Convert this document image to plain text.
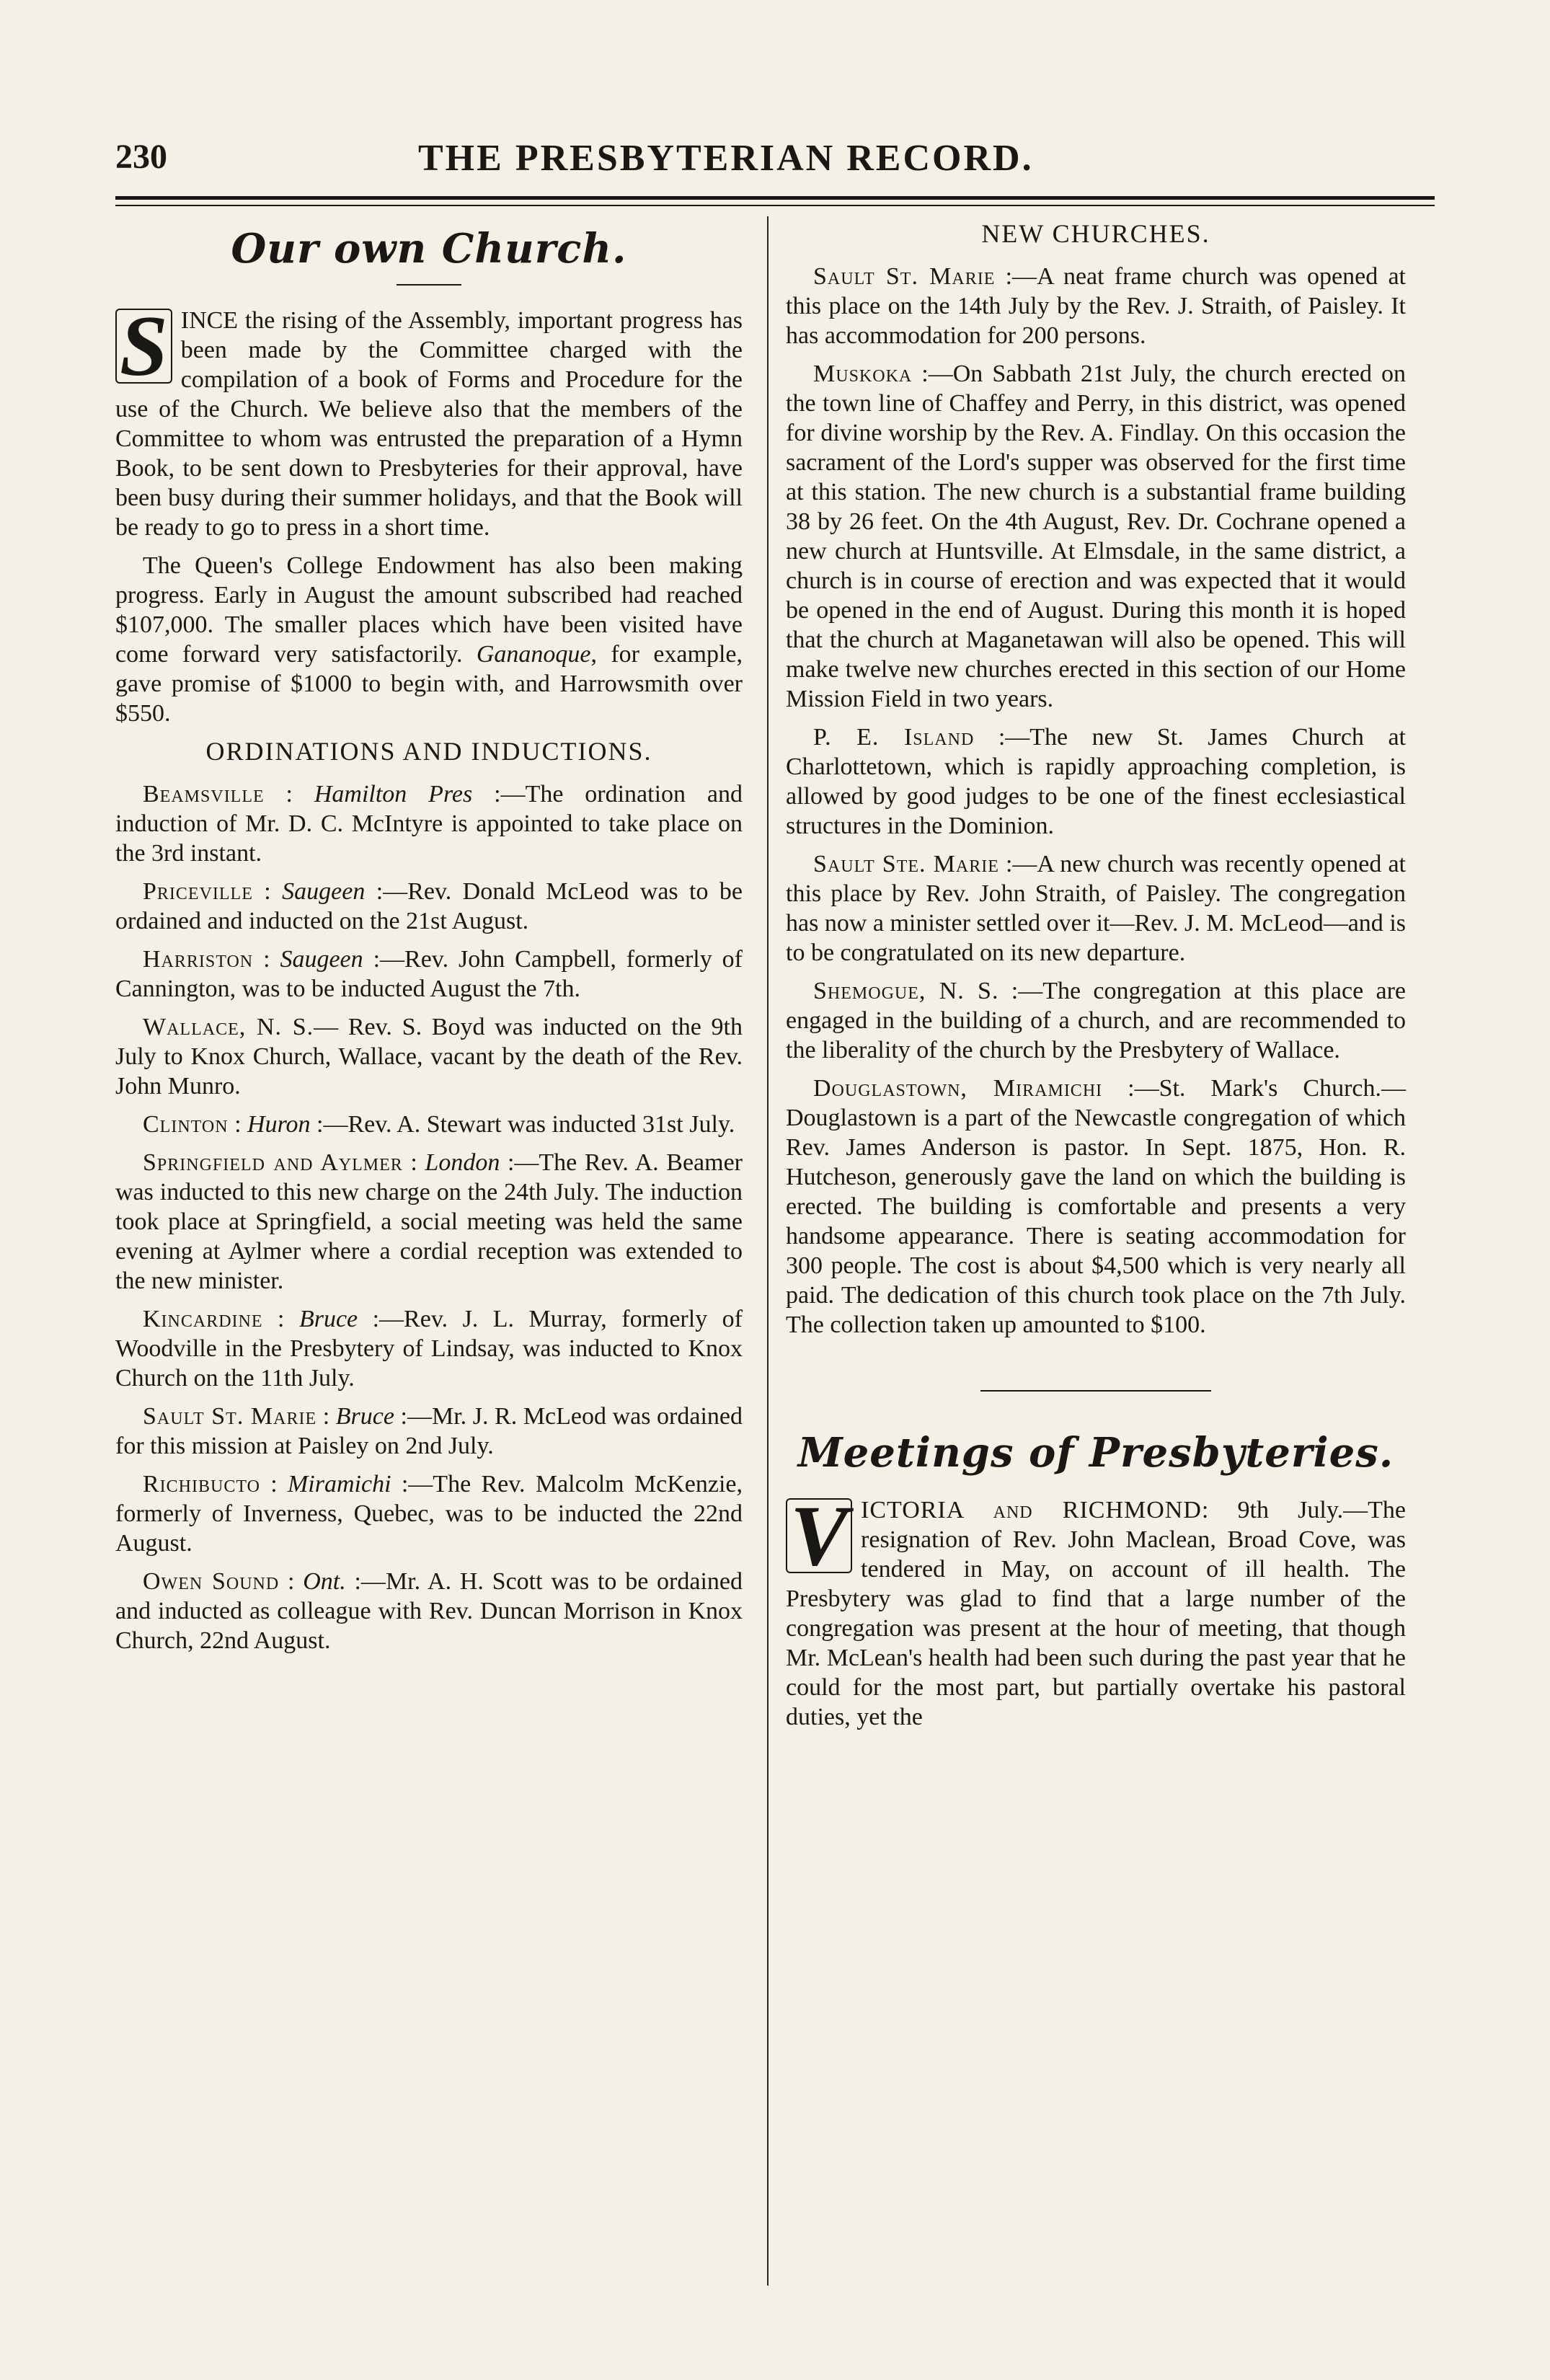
230	THE PRESBYTERIAN RECORD.
Our own Church.

S INCE the rising of the Assembly, important progress has been made by the Committee charged with the compilation of a book of Forms and Procedure for the use of the Church. We believe also that the members of the Committee to whom was entrusted the preparation of a Hymn Book, to be sent down to Presbyteries for their approval, have been busy during their summer holidays, and that the Book will be ready to go to press in a short time.

The Queen's College Endowment has also been making progress. Early in August the amount subscribed had reached $107,000. The smaller places which have been visited have come forward very satisfactorily. Gananoque, for example, gave promise of $1000 to begin with, and Harrowsmith over $550.

ORDINATIONS AND INDUCTIONS.

Beamsville : Hamilton Pres :—The ordination and induction of Mr. D. C. McIntyre is appointed to take place on the 3rd instant.

Priceville : Saugeen :—Rev. Donald McLeod was to be ordained and inducted on the 21st August.

Harriston : Saugeen :—Rev. John Campbell, formerly of Cannington, was to be inducted August the 7th.

Wallace, N. S.— Rev. S. Boyd was inducted on the 9th July to Knox Church, Wallace, vacant by the death of the Rev. John Munro.

Clinton : Huron :—Rev. A. Stewart was inducted 31st July.

Springfield and Aylmer : London :—The Rev. A. Beamer was inducted to this new charge on the 24th July. The induction took place at Springfield, a social meeting was held the same evening at Aylmer where a cordial reception was extended to the new minister.

Kincardine : Bruce :—Rev. J. L. Murray, formerly of Woodville in the Presbytery of Lindsay, was inducted to Knox Church on the 11th July.

Sault St. Marie : Bruce :—Mr. J. R. McLeod was ordained for this mission at Paisley on 2nd July.

Richibucto : Miramichi :—The Rev. Malcolm McKenzie, formerly of Inverness, Quebec, was to be inducted the 22nd August.

Owen Sound : Ont. :—Mr. A. H. Scott was to be ordained and inducted as colleague with Rev. Duncan Morrison in Knox Church, 22nd August.

NEW CHURCHES.

Sault St. Marie :—A neat frame church was opened at this place on the 14th July by the Rev. J. Straith, of Paisley. It has accommodation for 200 persons.

Muskoka :—On Sabbath 21st July, the church erected on the town line of Chaffey and Perry, in this district, was opened for divine worship by the Rev. A. Findlay. On this occasion the sacrament of the Lord's supper was observed for the first time at this station. The new church is a substantial frame building 38 by 26 feet. On the 4th August, Rev. Dr. Cochrane opened a new church at Huntsville. At Elmsdale, in the same district, a church is in course of erection and was expected that it would be opened in the end of August. During this month it is hoped that the church at Maganetawan will also be opened. This will make twelve new churches erected in this section of our Home Mission Field in two years.

P. E. Island :—The new St. James Church at Charlottetown, which is rapidly approaching completion, is allowed by good judges to be one of the finest ecclesiastical structures in the Dominion.

Sault Ste. Marie :—A new church was recently opened at this place by Rev. John Straith, of Paisley. The congregation has now a minister settled over it—Rev. J. M. McLeod—and is to be congratulated on its new departure.

Shemogue, N. S. :—The congregation at this place are engaged in the building of a church, and are recommended to the liberality of the church by the Presbytery of Wallace.

Douglastown, Miramichi :—St. Mark's Church.—Douglastown is a part of the Newcastle congregation of which Rev. James Anderson is pastor. In Sept. 1875, Hon. R. Hutcheson, generously gave the land on which the building is erected. The building is comfortable and presents a very handsome appearance. There is seating accommodation for 300 people. The cost is about $4,500 which is very nearly all paid. The dedication of this church took place on the 7th July. The collection taken up amounted to $100.

Meetings of Presbyteries.

V ICTORIA and RICHMOND: 9th July.—The resignation of Rev. John Maclean, Broad Cove, was tendered in May, on account of ill health. The Presbytery was glad to find that a large number of the congregation was present at the hour of meeting, that though Mr. McLean's health had been such during the past year that he could for the most part, but partially overtake his pastoral duties, yet the
